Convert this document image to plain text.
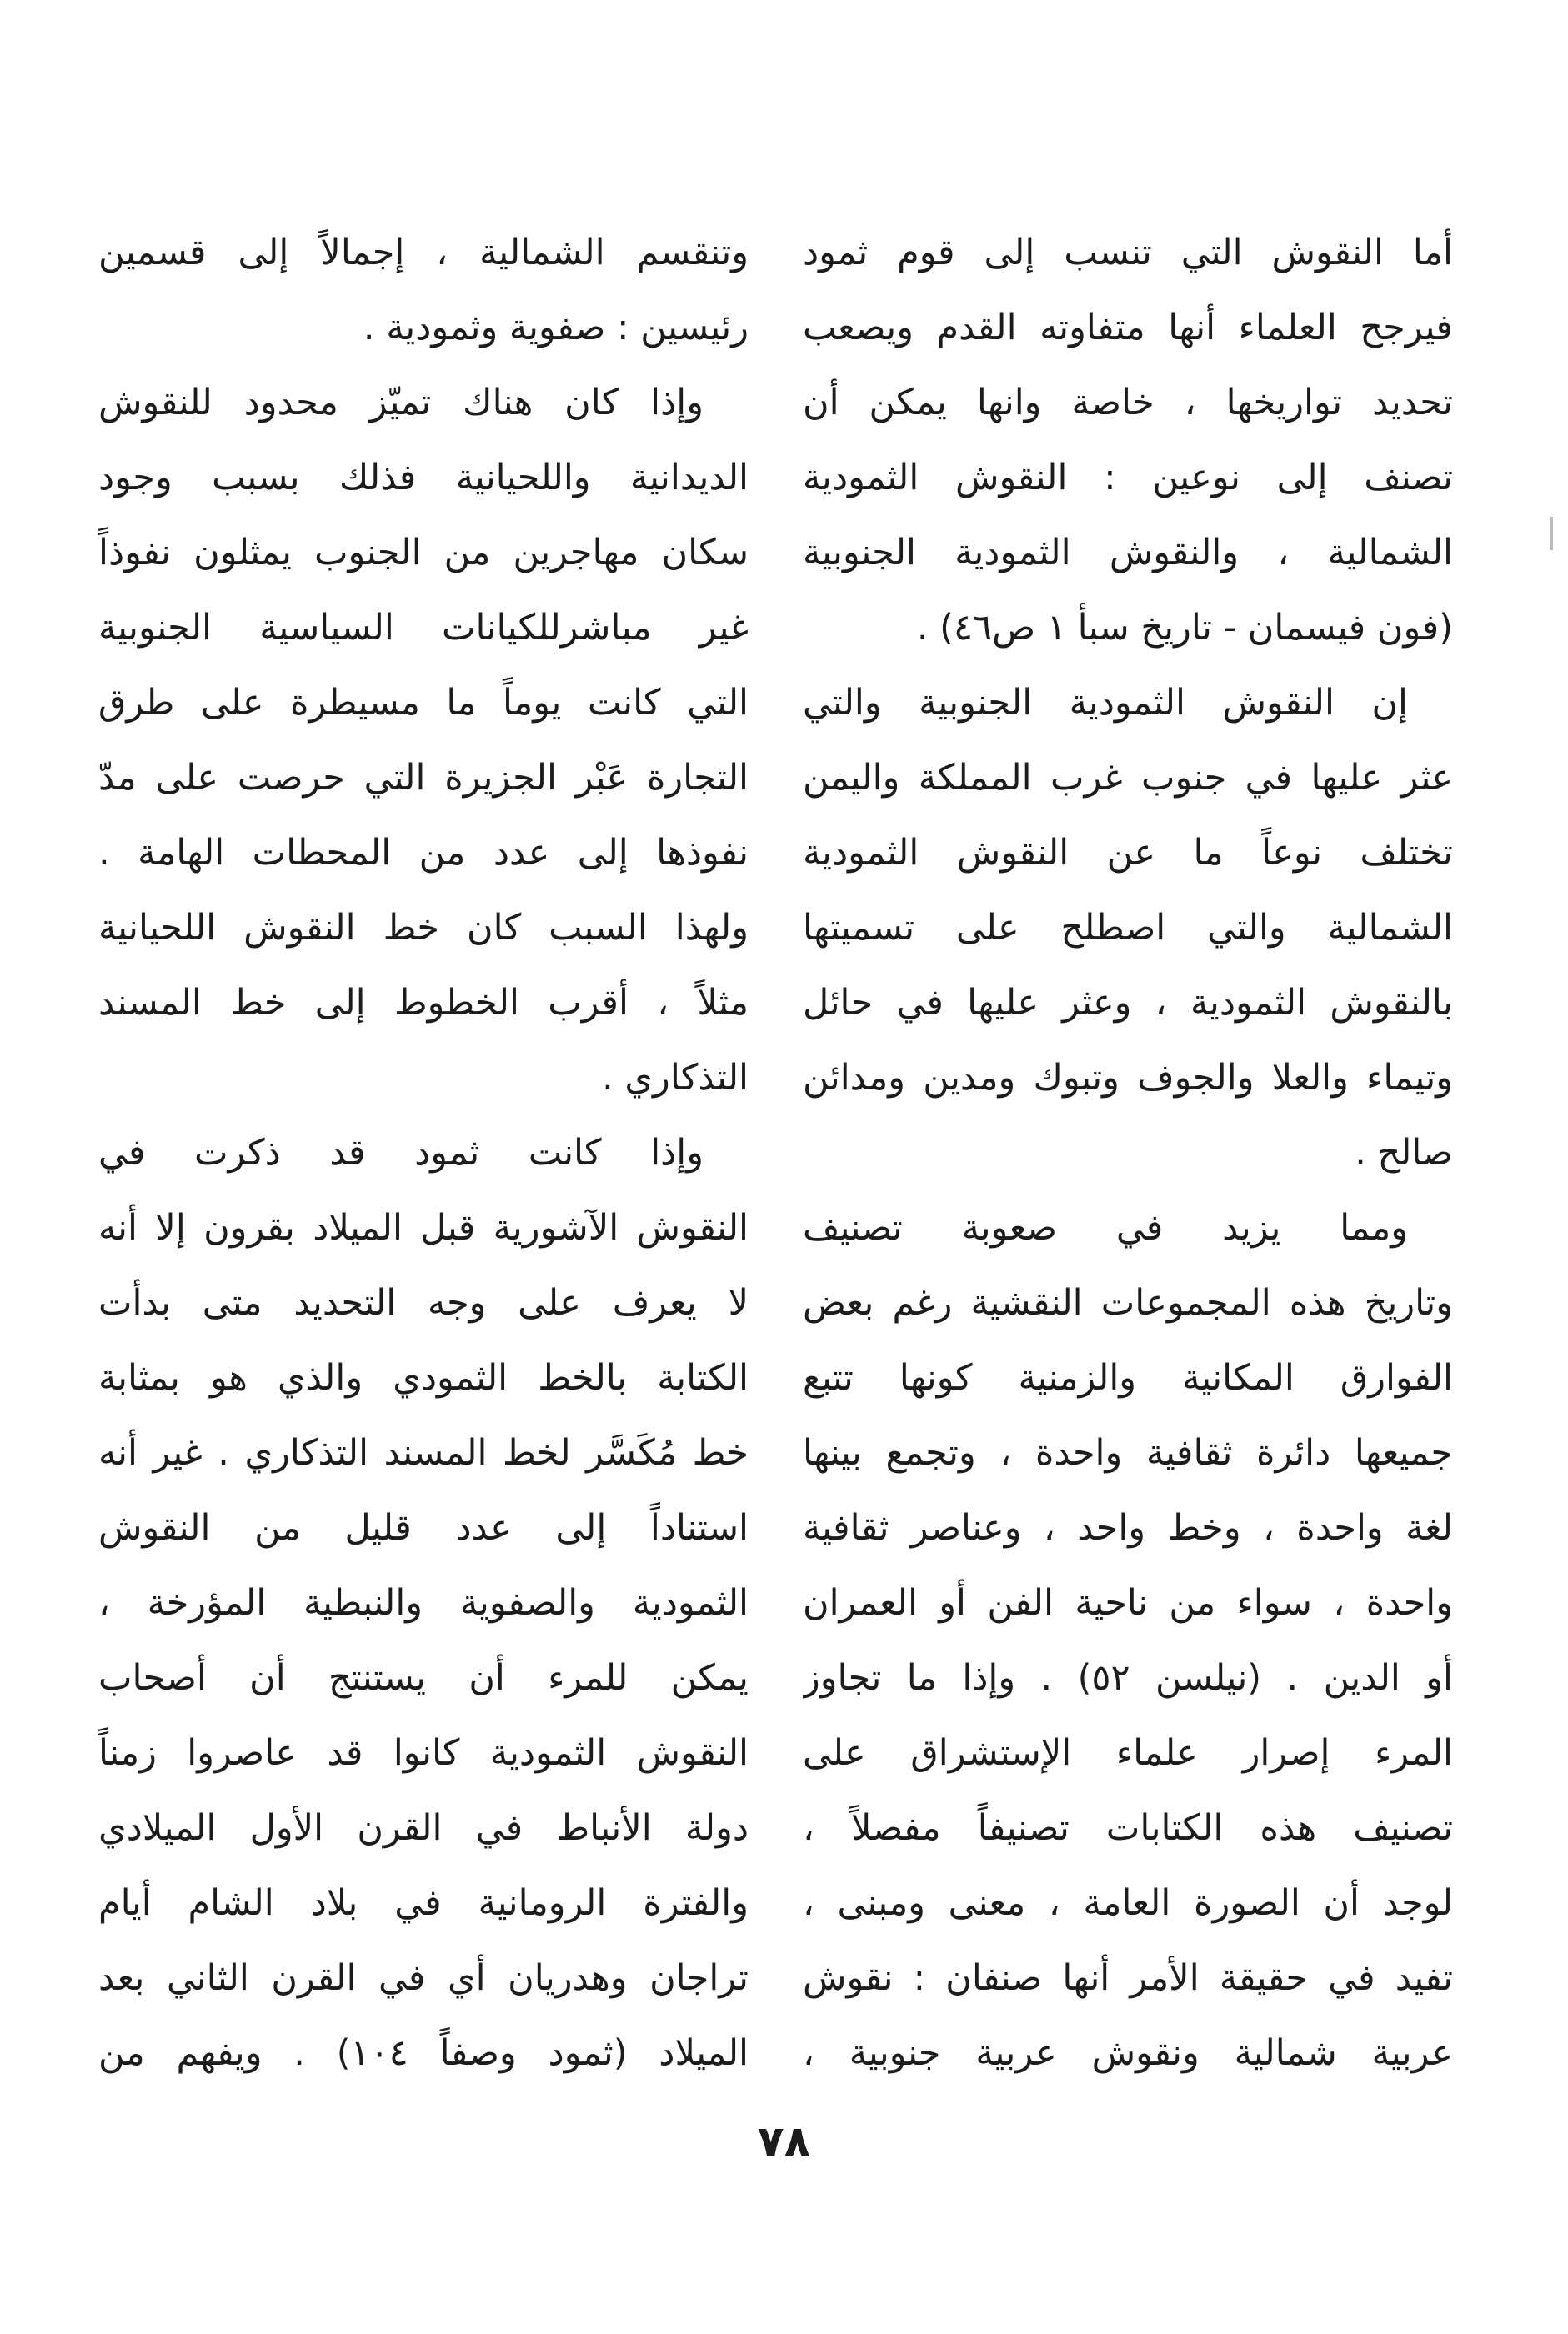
أما النقوش التي تنسب إلى قوم ثمود
فيرجح العلماء أنها متفاوته القدم ويصعب
تحديد تواريخها ، خاصة وانها يمكن أن
تصنف إلى نوعين : النقوش الثمودية
الشمالية ، والنقوش الثمودية الجنوبية
(فون فيسمان - تاريخ سبأ ١ ص٤٦) .
إن النقوش الثمودية الجنوبية والتي
عثر عليها في جنوب غرب المملكة واليمن
تختلف نوعاً ما عن النقوش الثمودية
الشمالية والتي اصطلح على تسميتها
بالنقوش الثمودية ، وعثر عليها في حائل
وتيماء والعلا والجوف وتبوك ومدين ومدائن
صالح .
ومما يزيد في صعوبة تصنيف
وتاريخ هذه المجموعات النقشية رغم بعض
الفوارق المكانية والزمنية كونها تتبع
جميعها دائرة ثقافية واحدة ، وتجمع بينها
لغة واحدة ، وخط واحد ، وعناصر ثقافية
واحدة ، سواء من ناحية الفن أو العمران
أو الدين . (نيلسن ٥٢) . وإذا ما تجاوز
المرء إصرار علماء الإستشراق على
تصنيف هذه الكتابات تصنيفاً مفصلاً ،
لوجد أن الصورة العامة ، معنى ومبنى ،
تفيد في حقيقة الأمر أنها صنفان : نقوش
عربية شمالية ونقوش عربية جنوبية ،
وتنقسم الشمالية ، إجمالاً إلى قسمين
رئيسين : صفوية وثمودية .
وإذا كان هناك تميّز محدود للنقوش
الديدانية واللحيانية فذلك بسبب وجود
سكان مهاجرين من الجنوب يمثلون نفوذاً
غير مباشرللكيانات السياسية الجنوبية
التي كانت يوماً ما مسيطرة على طرق
التجارة عَبْر الجزيرة التي حرصت على مدّ
نفوذها إلى عدد من المحطات الهامة .
ولهذا السبب كان خط النقوش اللحيانية
مثلاً ، أقرب الخطوط إلى خط المسند
التذكاري .
وإذا كانت ثمود قد ذكرت في
النقوش الآشورية قبل الميلاد بقرون إلا أنه
لا يعرف على وجه التحديد متى بدأت
الكتابة بالخط الثمودي والذي هو بمثابة
خط مُكَسَّر لخط المسند التذكاري . غير أنه
استناداً إلى عدد قليل من النقوش
الثمودية والصفوية والنبطية المؤرخة ،
يمكن للمرء أن يستنتج أن أصحاب
النقوش الثمودية كانوا قد عاصروا زمناً
دولة الأنباط في القرن الأول الميلادي
والفترة الرومانية في بلاد الشام أيام
تراجان وهدريان أي في القرن الثاني بعد
الميلاد (ثمود وصفاً ١٠٤) . ويفهم من
٧٨
